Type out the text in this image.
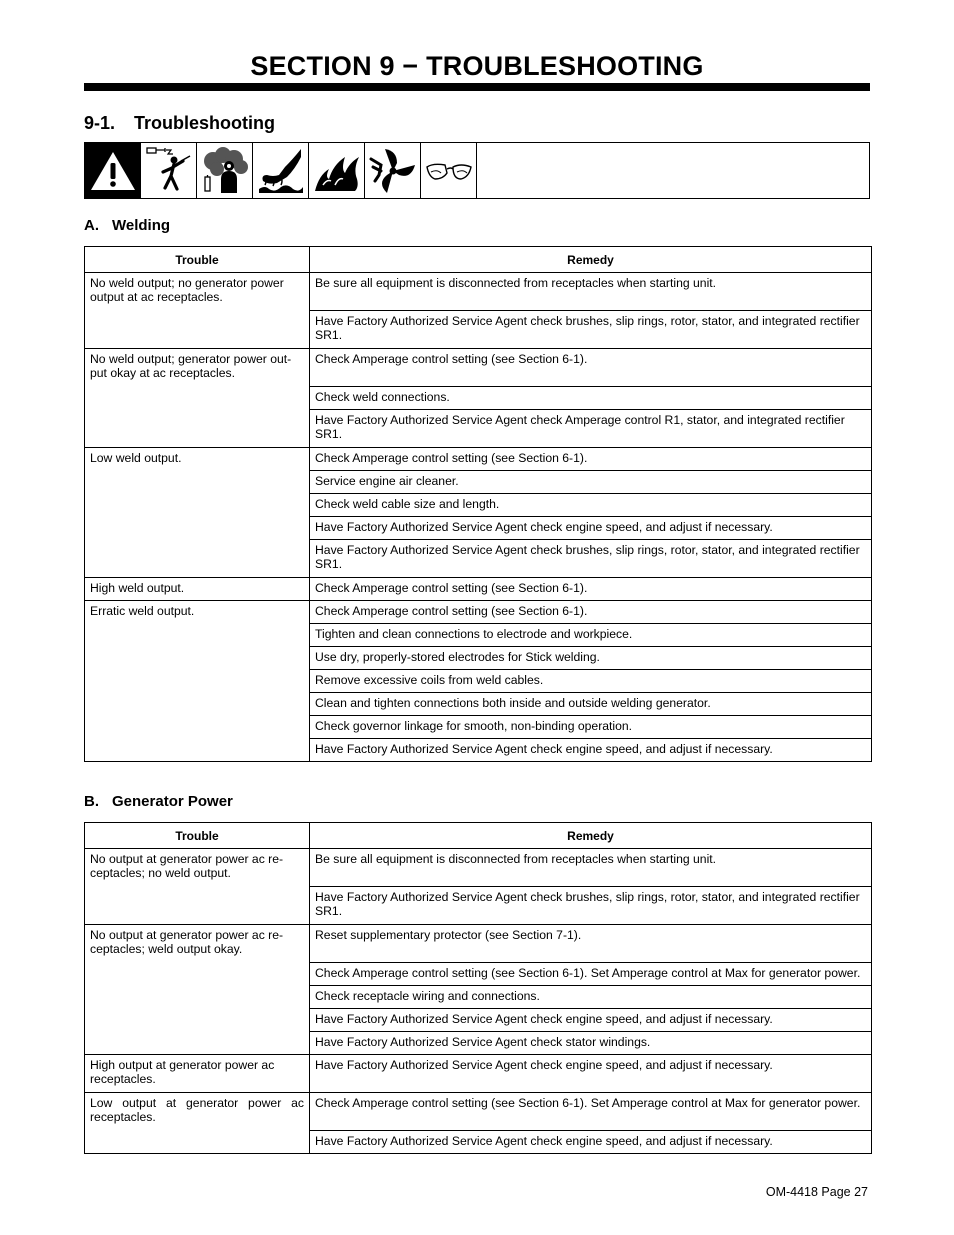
SECTION 9 − TROUBLESHOOTING
9-1. Troubleshooting
A. Welding
Trouble	Remedy
No weld output; no generator power output at ac receptacles.	Be sure all equipment is disconnected from receptacles when starting unit.
	Have Factory Authorized Service Agent check brushes, slip rings, rotor, stator, and integrated rectifier SR1.
No weld output; generator power out-put okay at ac receptacles.	Check Amperage control setting (see Section 6-1).
	Check weld connections.
	Have Factory Authorized Service Agent check Amperage control R1, stator, and integrated rectifier SR1.
Low weld output.	Check Amperage control setting (see Section 6-1).
	Service engine air cleaner.
	Check weld cable size and length.
	Have Factory Authorized Service Agent check engine speed, and adjust if necessary.
	Have Factory Authorized Service Agent check brushes, slip rings, rotor, stator, and integrated rectifier SR1.
High weld output.	Check Amperage control setting (see Section 6-1).
Erratic weld output.	Check Amperage control setting (see Section 6-1).
	Tighten and clean connections to electrode and workpiece.
	Use dry, properly-stored electrodes for Stick welding.
	Remove excessive coils from weld cables.
	Clean and tighten connections both inside and outside welding generator.
	Check governor linkage for smooth, non-binding operation.
	Have Factory Authorized Service Agent check engine speed, and adjust if necessary.
B. Generator Power
Trouble	Remedy
No output at generator power ac re-ceptacles; no weld output.	Be sure all equipment is disconnected from receptacles when starting unit.
	Have Factory Authorized Service Agent check brushes, slip rings, rotor, stator, and integrated rectifier SR1.
No output at generator power ac re-ceptacles; weld output okay.	Reset supplementary protector (see Section 7-1).
	Check Amperage control setting (see Section 6-1). Set Amperage control at Max for generator power.
	Check receptacle wiring and connections.
	Have Factory Authorized Service Agent check engine speed, and adjust if necessary.
	Have Factory Authorized Service Agent check stator windings.
High output at generator power ac receptacles.	Have Factory Authorized Service Agent check engine speed, and adjust if necessary.
Low output at generator power ac receptacles.	Check Amperage control setting (see Section 6-1). Set Amperage control at Max for generator power.
	Have Factory Authorized Service Agent check engine speed, and adjust if necessary.
OM-4418 Page 27
